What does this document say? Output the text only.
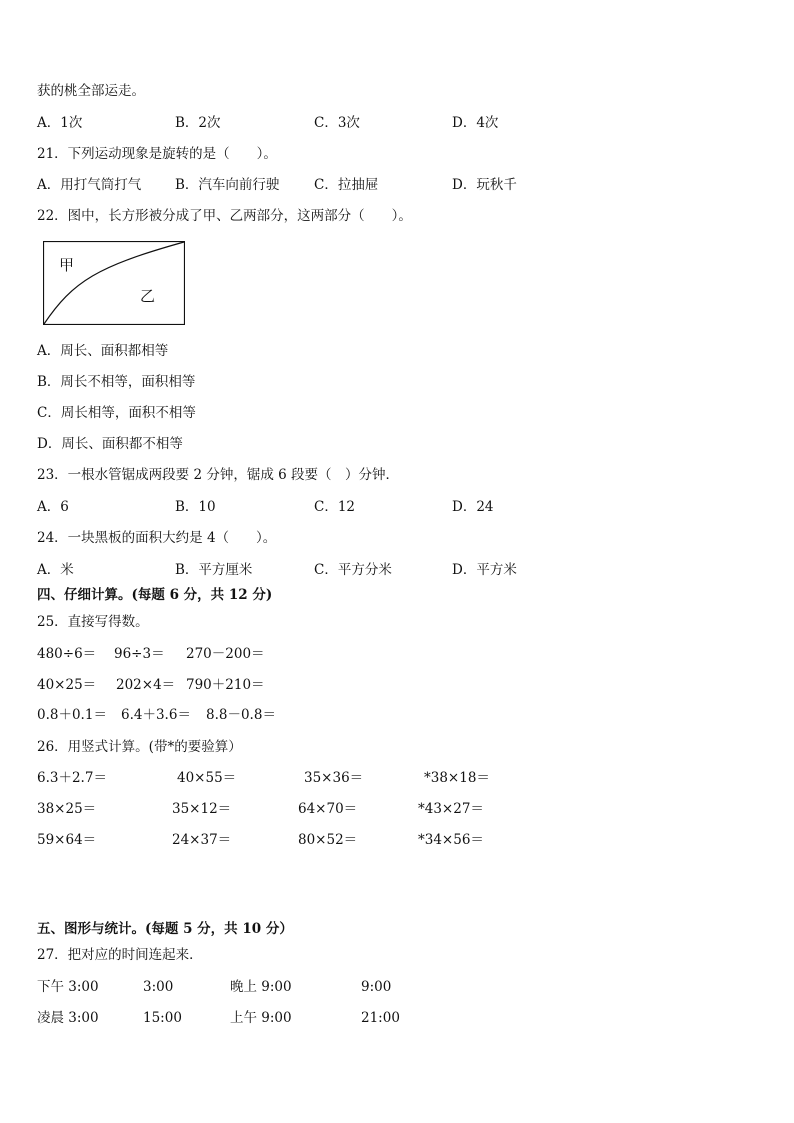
获的桃全部运走。
A．1次	B．2次	C．3次	D．4次
21．下列运动现象是旋转的是（　　）。
A．用打气筒打气	B．汽车向前行驶	C．拉抽屉	D．玩秋千
22．图中，长方形被分成了甲、乙两部分，这两部分（　　）。
甲
乙
A．周长、面积都相等
B．周长不相等，面积相等
C．周长相等，面积不相等
D．周长、面积都不相等
23．一根水管锯成两段要 2 分钟，锯成 6 段要（　）分钟．
A．6	B．10	C．12	D．24
24．一块黑板的面积大约是 4（　　）。
A．米	B．平方厘米	C．平方分米	D．平方米
四、仔细计算。(每题 6 分，共 12 分)
25．直接写得数。
480÷6＝ 96÷3＝ 270－200＝
40×25＝ 202×4＝ 790＋210＝
0.8＋0.1＝ 6.4＋3.6＝ 8.8－0.8＝
26．用竖式计算。(带*的要验算）
6.3＋2.7＝	40×55＝	35×36＝	*38×18＝
38×25＝	35×12＝	64×70＝	*43×27＝
59×64＝	24×37＝	80×52＝	*34×56＝
五、图形与统计。(每题 5 分，共 10 分）
27．把对应的时间连起来．
下午 3:00	3:00	晚上 9:00	9:00
凌晨 3:00	15:00	上午 9:00	21:00
